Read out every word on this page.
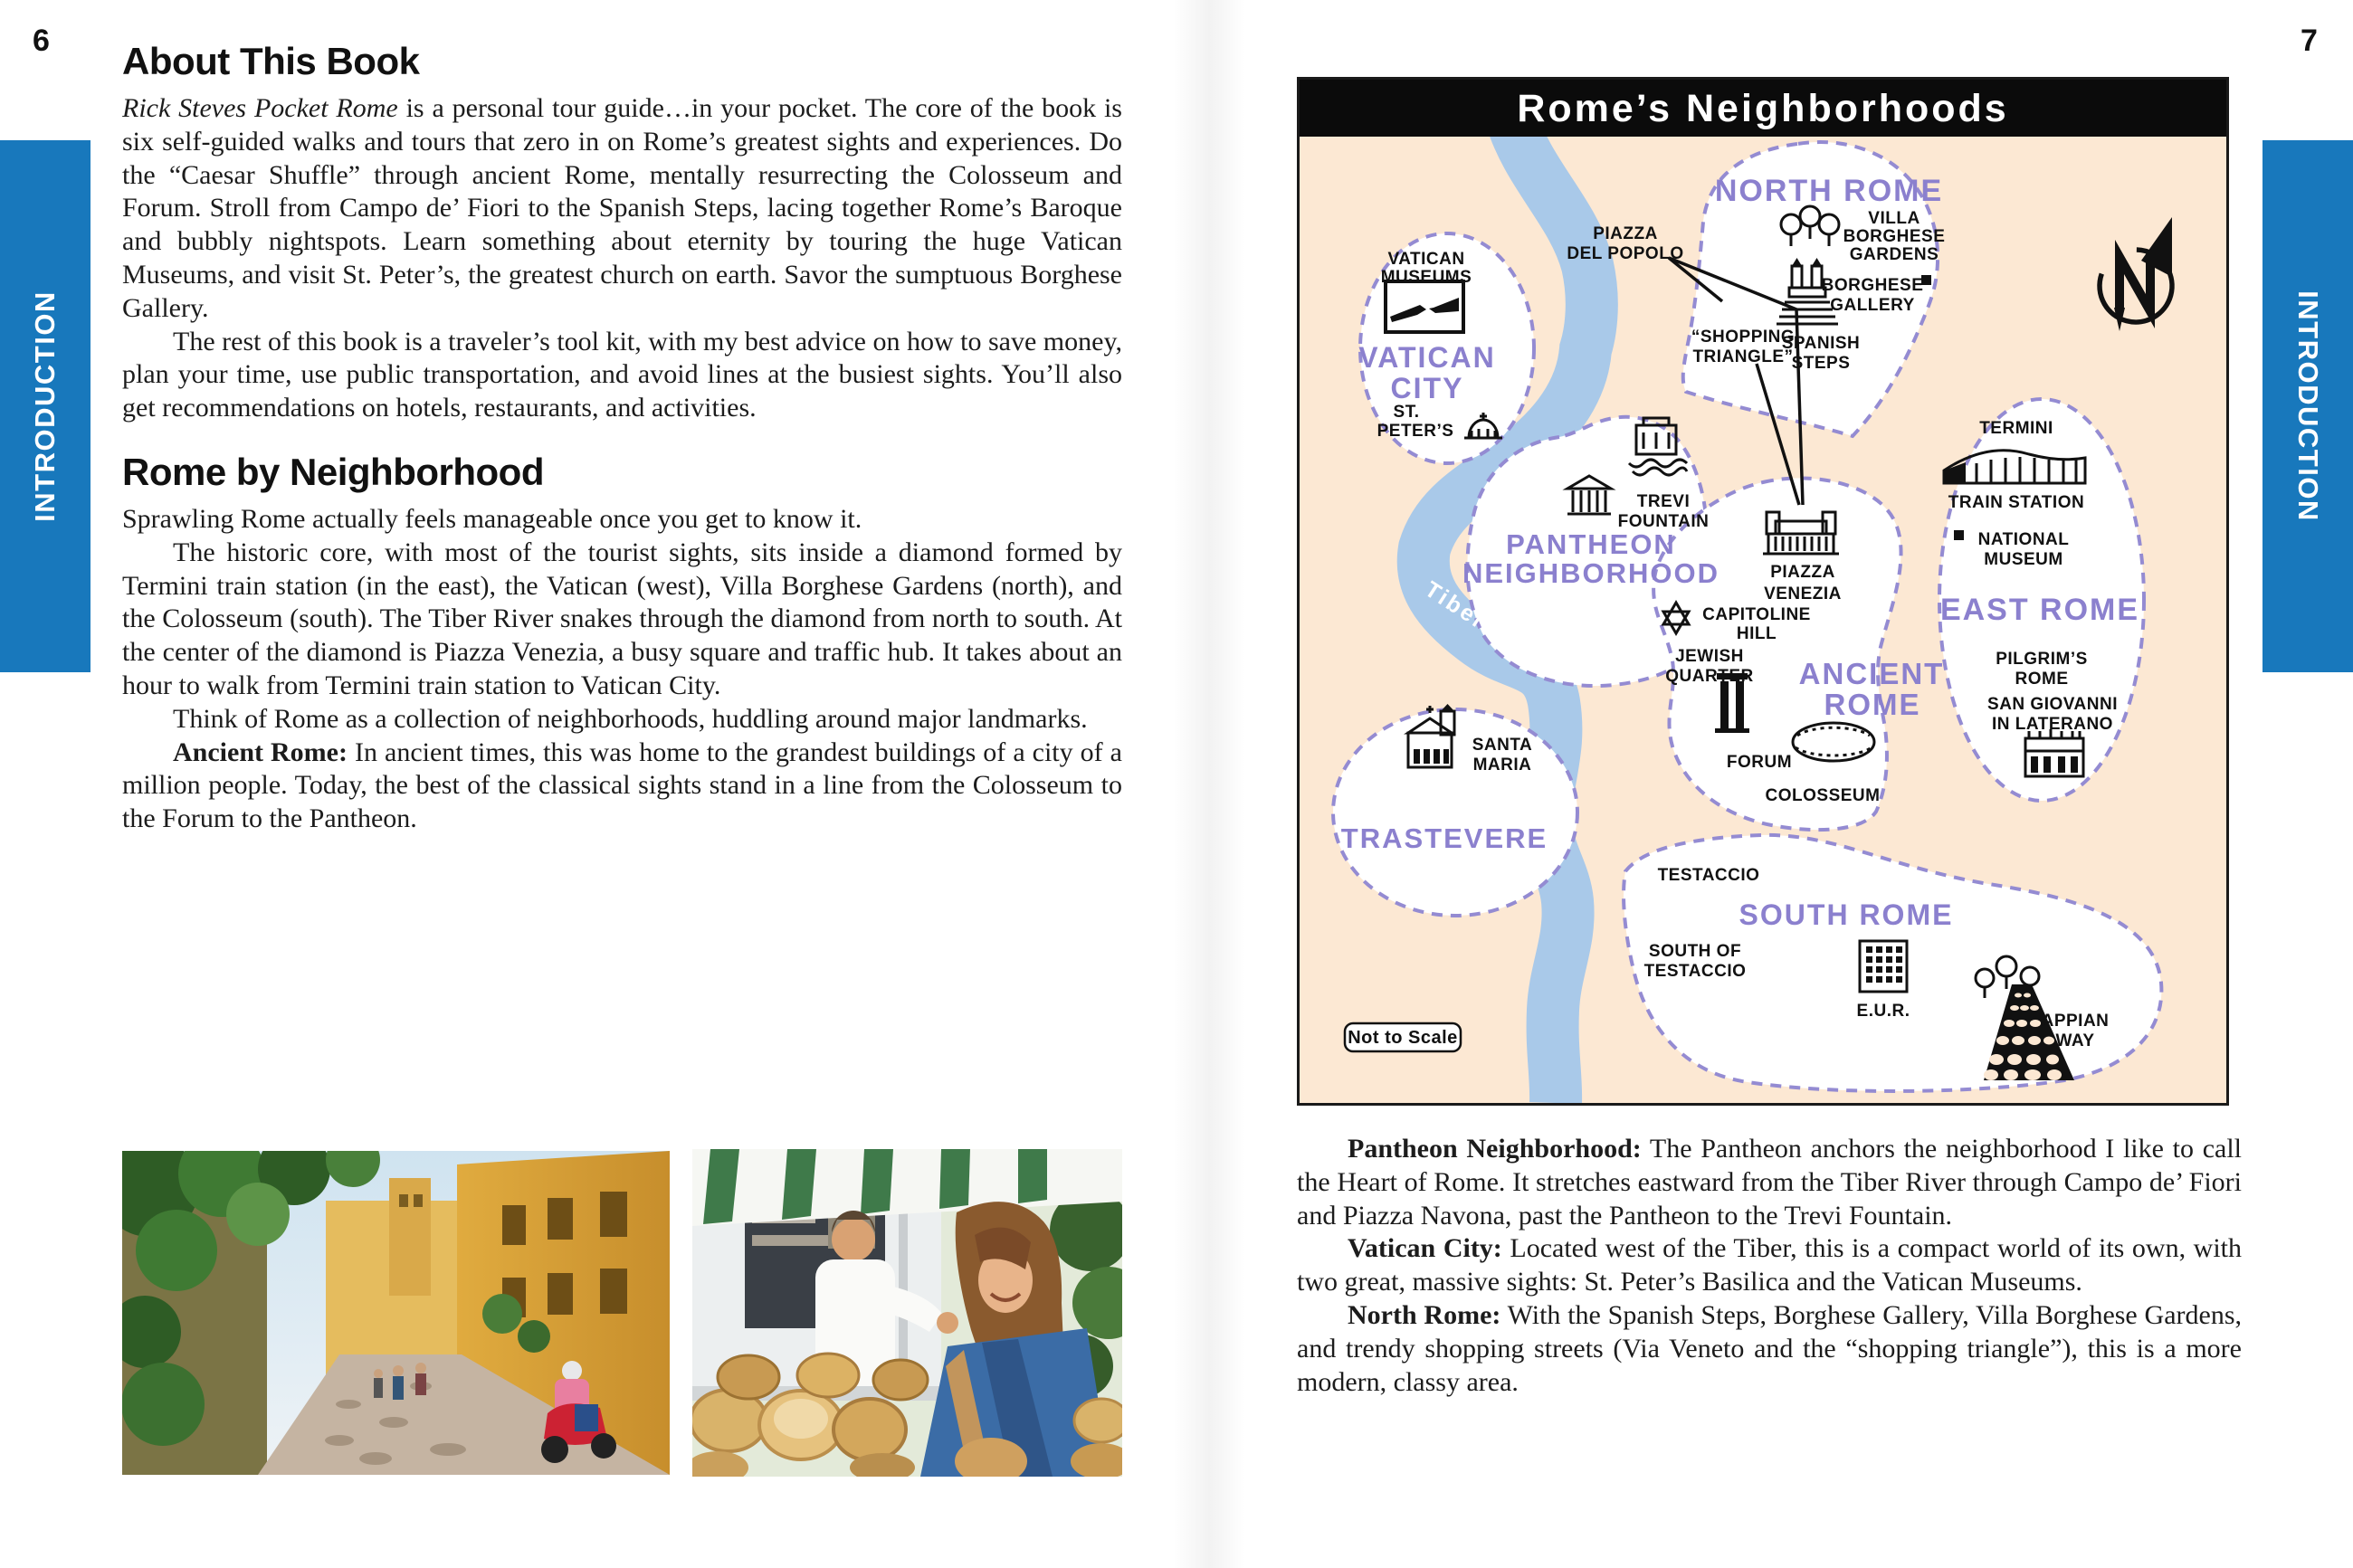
6	7
INTRODUCTION	INTRODUCTION
About This Book

Rick Steves Pocket Rome is a personal tour guide…in your pocket. The core of the book is six self-guided walks and tours that zero in on Rome’s greatest sights and experiences. Do the “Caesar Shuffle” through ancient Rome, mentally resurrecting the Colosseum and Forum. Stroll from Campo de’ Fiori to the Spanish Steps, lacing together Rome’s Baroque and bubbly nightspots. Learn something about eternity by touring the huge Vatican Museums, and visit St. Peter’s, the greatest church on earth. Savor the sumptuous Borghese Gallery.

The rest of this book is a traveler’s tool kit, with my best advice on how to save money, plan your time, use public transportation, and avoid lines at the busiest sights. You’ll also get recommendations on hotels, restaurants, and activities.

Rome by Neighborhood

Sprawling Rome actually feels manageable once you get to know it.

The historic core, with most of the tourist sights, sits inside a diamond formed by Termini train station (in the east), the Vatican (west), Villa Borghese Gardens (north), and the Colosseum (south). The Tiber River snakes through the diamond from north to south. At the center of the diamond is Piazza Venezia, a busy square and traffic hub. It takes about an hour to walk from Termini train station to Vatican City.

Think of Rome as a collection of neighborhoods, huddling around major landmarks.

Ancient Rome: In ancient times, this was home to the grandest buildings of a city of a million people. Today, the best of the classical sights stand in a line from the Colosseum to the Forum to the Pantheon.

Tiber River
Not to Scale
NORTH ROME
VATICAN
CITY
PANTHEON
NEIGHBORHOOD
ANCIENT
ROME
EAST ROME
TRASTEVERE
SOUTH ROME
PIAZZA
DEL POPOLO
VILLA
BORGHESE
GARDENS
BORGHESE
GALLERY
“SHOPPING
TRIANGLE”
SPANISH
STEPS
VATICAN
MUSEUMS
ST.
PETER’S
TREVI
FOUNTAIN
PIAZZA
VENEZIA
CAPITOLINE
HILL
JEWISH
QUARTER
TERMINI
TRAIN STATION
NATIONAL
MUSEUM
PILGRIM’S
ROME
SAN GIOVANNI
IN LATERANO
SANTA
MARIA	FORUM
COLOSSEUM
TESTACCIO
SOUTH OF
TESTACCIO
E.U.R.
APPIAN
WAY
Rome’s Neighborhoods

Pantheon Neighborhood: The Pantheon anchors the neighborhood I like to call the Heart of Rome. It stretches eastward from the Tiber River through Campo de’ Fiori and Piazza Navona, past the Pantheon to the Trevi Fountain.

Vatican City: Located west of the Tiber, this is a compact world of its own, with two great, massive sights: St. Peter’s Basilica and the Vatican Museums.

North Rome: With the Spanish Steps, Borghese Gallery, Villa Borghese Gardens, and trendy shopping streets (Via Veneto and the “shopping triangle”), this is a more modern, classy area.
